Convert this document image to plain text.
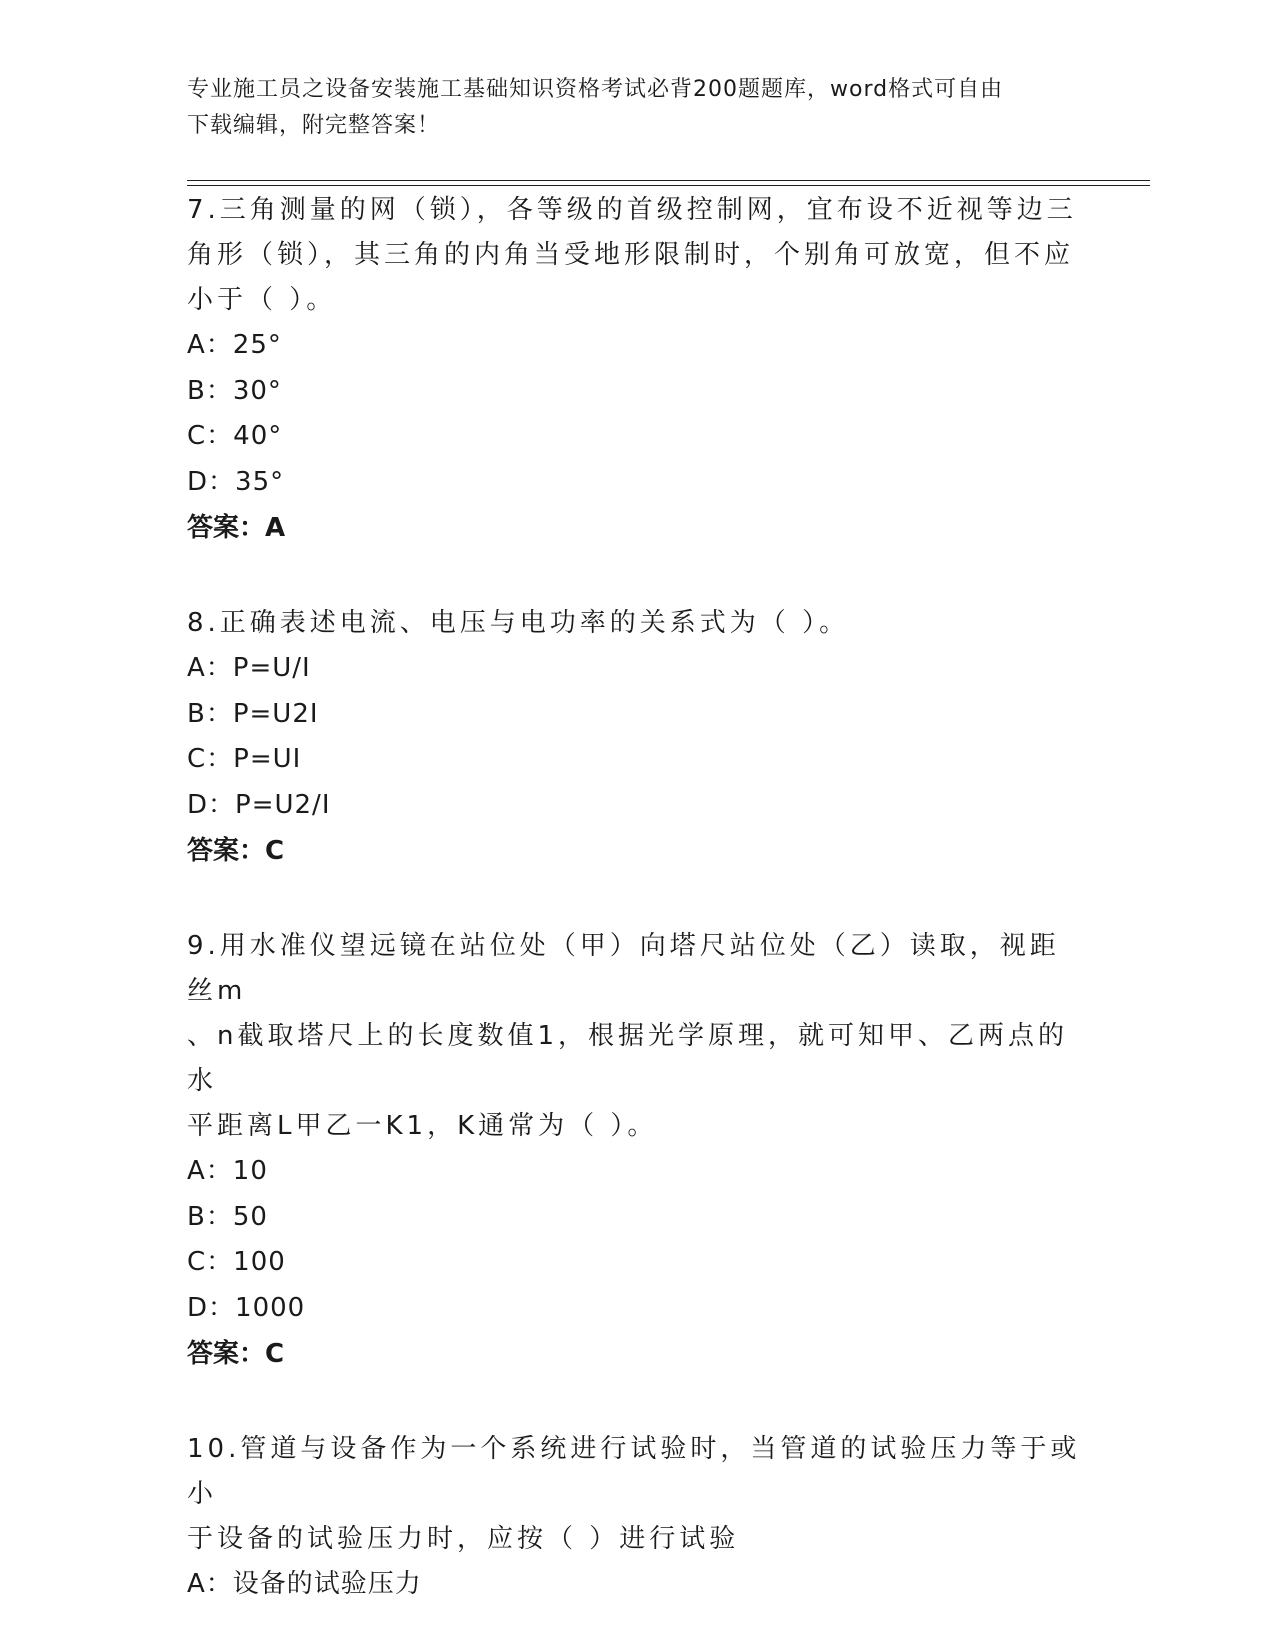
专业施工员之设备安装施工基础知识资格考试必背200题题库，word格式可自由
下载编辑，附完整答案！

7.三角测量的网（锁），各等级的首级控制网，宜布设不近视等边三

角形（锁），其三角的内角当受地形限制时，个别角可放宽，但不应

小于（ ）。

A：25°

B：30°

C：40°

D：35°

答案：A

8.正确表述电流、电压与电功率的关系式为（ ）。

A：P=U/I

B：P=U2I

C：P=UI

D：P=U2/I

答案：C

9.用水准仪望远镜在站位处（甲）向塔尺站位处（乙）读取，视距丝m

、n截取塔尺上的长度数值1，根据光学原理，就可知甲、乙两点的水

平距离L甲乙一K1，K通常为（ ）。

A：10

B：50

C：100

D：1000

答案：C

10.管道与设备作为一个系统进行试验时，当管道的试验压力等于或小

于设备的试验压力时，应按（ ）进行试验

A：设备的试验压力
